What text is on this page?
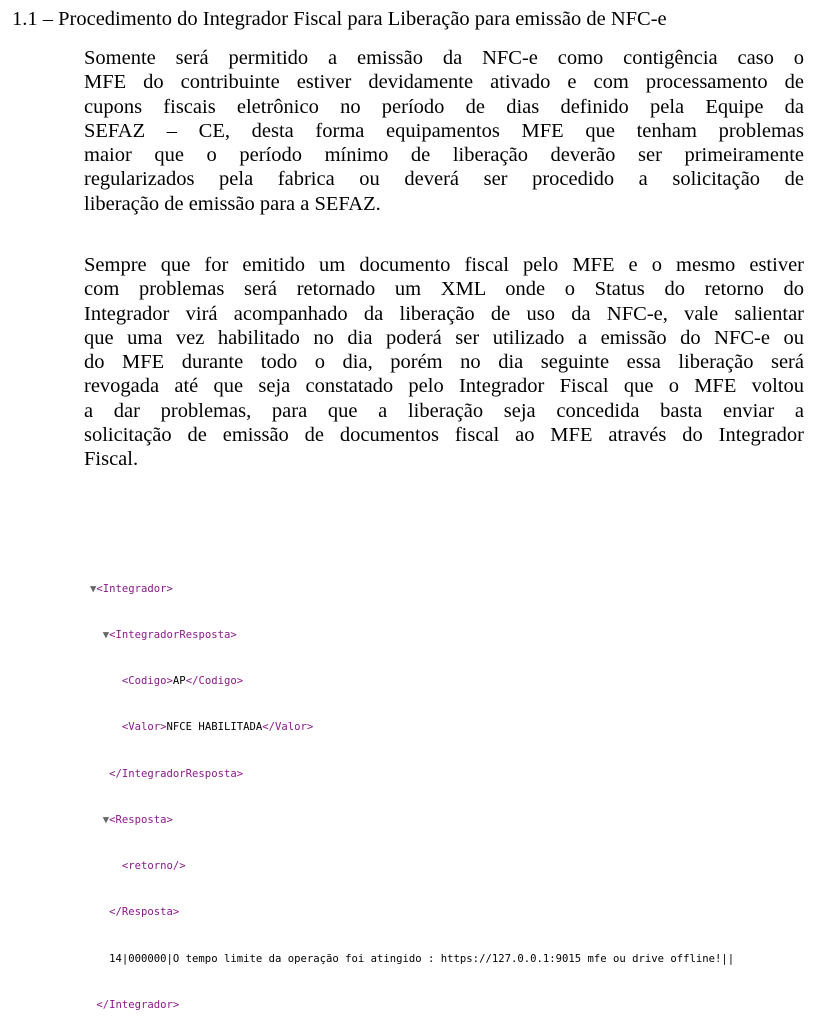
1.1 – Procedimento do Integrador Fiscal para Liberação para emissão de NFC-e
Somente será permitido a emissão da NFC-e como contigência caso o
MFE do contribuinte estiver devidamente ativado e com processamento de
cupons fiscais eletrônico no período de dias definido pela Equipe da
SEFAZ – CE, desta forma equipamentos MFE que tenham problemas
maior que o período mínimo de liberação deverão ser primeiramente
regularizados pela fabrica ou deverá ser procedido a solicitação de
liberação de emissão para a SEFAZ.
Sempre que for emitido um documento fiscal pelo MFE e o mesmo estiver
com problemas será retornado um XML onde o Status do retorno do
Integrador virá acompanhado da liberação de uso da NFC-e, vale salientar
que uma vez habilitado no dia poderá ser utilizado a emissão do NFC-e ou
do MFE durante todo o dia, porém no dia seguinte essa liberação será
revogada até que seja constatado pelo Integrador Fiscal que o MFE voltou
a dar problemas, para que a liberação seja concedida basta enviar a
solicitação de emissão de documentos fiscal ao MFE através do Integrador
Fiscal.

▼<Integrador>

▼<IntegradorResposta>

<Codigo>AP</Codigo>

<Valor>NFCE HABILITADA</Valor>

</IntegradorResposta>

▼<Resposta>

<retorno/>

</Resposta>

14|000000|O tempo limite da operação foi atingido : https://127.0.0.1:9015 mfe ou drive offline!||

</Integrador>
